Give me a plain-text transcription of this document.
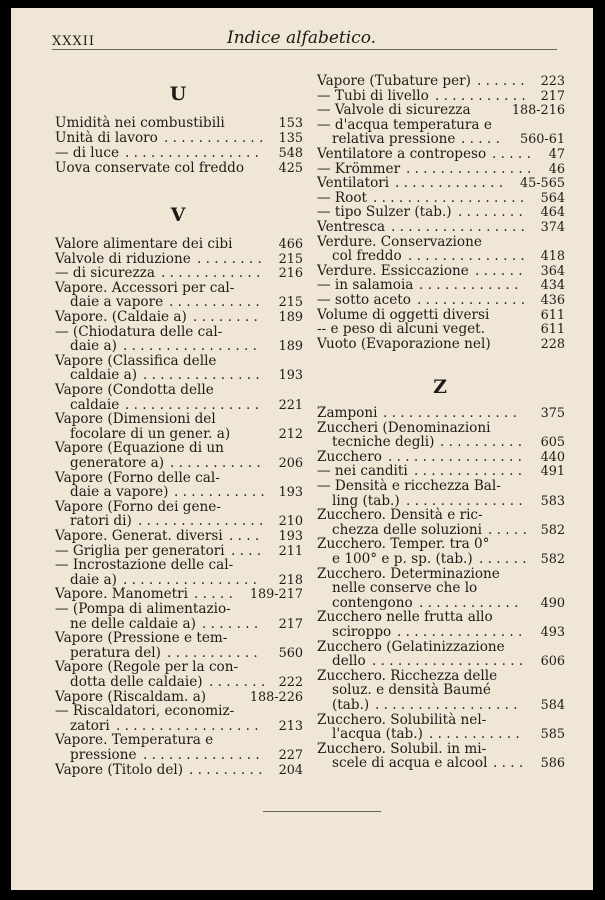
XXXII	Indice alfabetico.
U
Umidità nei combustibili	153
Unità di lavoro	135
. . . . . . . . . . . .
— di luce	548
. . . . . . . . . . . . . . . .
Uova conservate col freddo	425
V
Valore alimentare dei cibi	466
Valvole di riduzione	215
. . . . . . . .
— di sicurezza	216
. . . . . . . . . . . .
Vapore. Accessori per cal-
daie a vapore	215
. . . . . . . . . . .
Vapore. (Caldaie a)	189
. . . . . . . .
— (Chiodatura delle cal-
daie a)	189
. . . . . . . . . . . . . . . .
Vapore (Classifica delle
caldaie a)	193
. . . . . . . . . . . . . .
Vapore (Condotta delle
caldaie	221
. . . . . . . . . . . . . . . .
Vapore (Dimensioni del
focolare di un gener. a)	212
Vapore (Equazione di un
generatore a)	206
. . . . . . . . . . .
Vapore (Forno delle cal-
daie a vapore)	193
. . . . . . . . . . .
Vapore (Forno dei gene-
ratori di)	210
. . . . . . . . . . . . . . .
Vapore. Generat. diversi	193
. . . .
— Griglia per generatori	211
. . . .
— Incrostazione delle cal-
daie a)	218
. . . . . . . . . . . . . . . .
Vapore. Manometri	189-217
. . . . .
— (Pompa di alimentazio-
ne delle caldaie a)	217
. . . . . . .
Vapore (Pressione e tem-
peratura del)	560
. . . . . . . . . . .
Vapore (Regole per la con-
dotta delle caldaie)	222
. . . . . . .
Vapore (Riscaldam. a)	188-226
— Riscaldatori, economiz-
zatori	213
. . . . . . . . . . . . . . . . .
Vapore. Temperatura e
pressione	227
. . . . . . . . . . . . . .
Vapore (Titolo del)	204
. . . . . . . . .
Vapore (Tubature per)	223
. . . . . .
— Tubi di livello	217
. . . . . . . . . . .
— Valvole di sicurezza	188-216
— d'acqua temperatura e
relativa pressione	560-61
. . . . .
Ventilatore a contropeso	47
. . . . .
— Krömmer	46
. . . . . . . . . . . . . . .
Ventilatori	45-565
. . . . . . . . . . . . .
— Root	564
. . . . . . . . . . . . . . . . . .
— tipo Sulzer (tab.)	464
. . . . . . . .
Ventresca	374
. . . . . . . . . . . . . . . .
Verdure. Conservazione
col freddo	418
. . . . . . . . . . . . . .
Verdure. Essiccazione	364
. . . . . .
— in salamoia	434
. . . . . . . . . . . .
— sotto aceto	436
. . . . . . . . . . . . .
Volume di oggetti diversi	611
-- e peso di alcuni veget.	611
Vuoto (Evaporazione nel)	228
Z
Zamponi	375
. . . . . . . . . . . . . . . .
Zuccheri (Denominazioni
tecniche degli)	605
. . . . . . . . . .
Zucchero	440
. . . . . . . . . . . . . . . .
— nei canditi	491
. . . . . . . . . . . . .
— Densità e ricchezza Bal-
ling (tab.)	583
. . . . . . . . . . . . . .
Zucchero. Densità e ric-
chezza delle soluzioni	582
. . . . .
Zucchero. Temper. tra 0°
e 100° e p. sp. (tab.)	582
. . . . . .
Zucchero. Determinazione
nelle conserve che lo
contengono	490
. . . . . . . . . . . .
Zucchero nelle frutta allo
sciroppo	493
. . . . . . . . . . . . . . .
Zucchero (Gelatinizzazione
dello	606
. . . . . . . . . . . . . . . . . .
Zucchero. Ricchezza delle
soluz. e densità Baumé
(tab.)	584
. . . . . . . . . . . . . . . . .
Zucchero. Solubilità nel-
l'acqua (tab.)	585
. . . . . . . . . . .
Zucchero. Solubil. in mi-
scele di acqua e alcool	586
. . . .
